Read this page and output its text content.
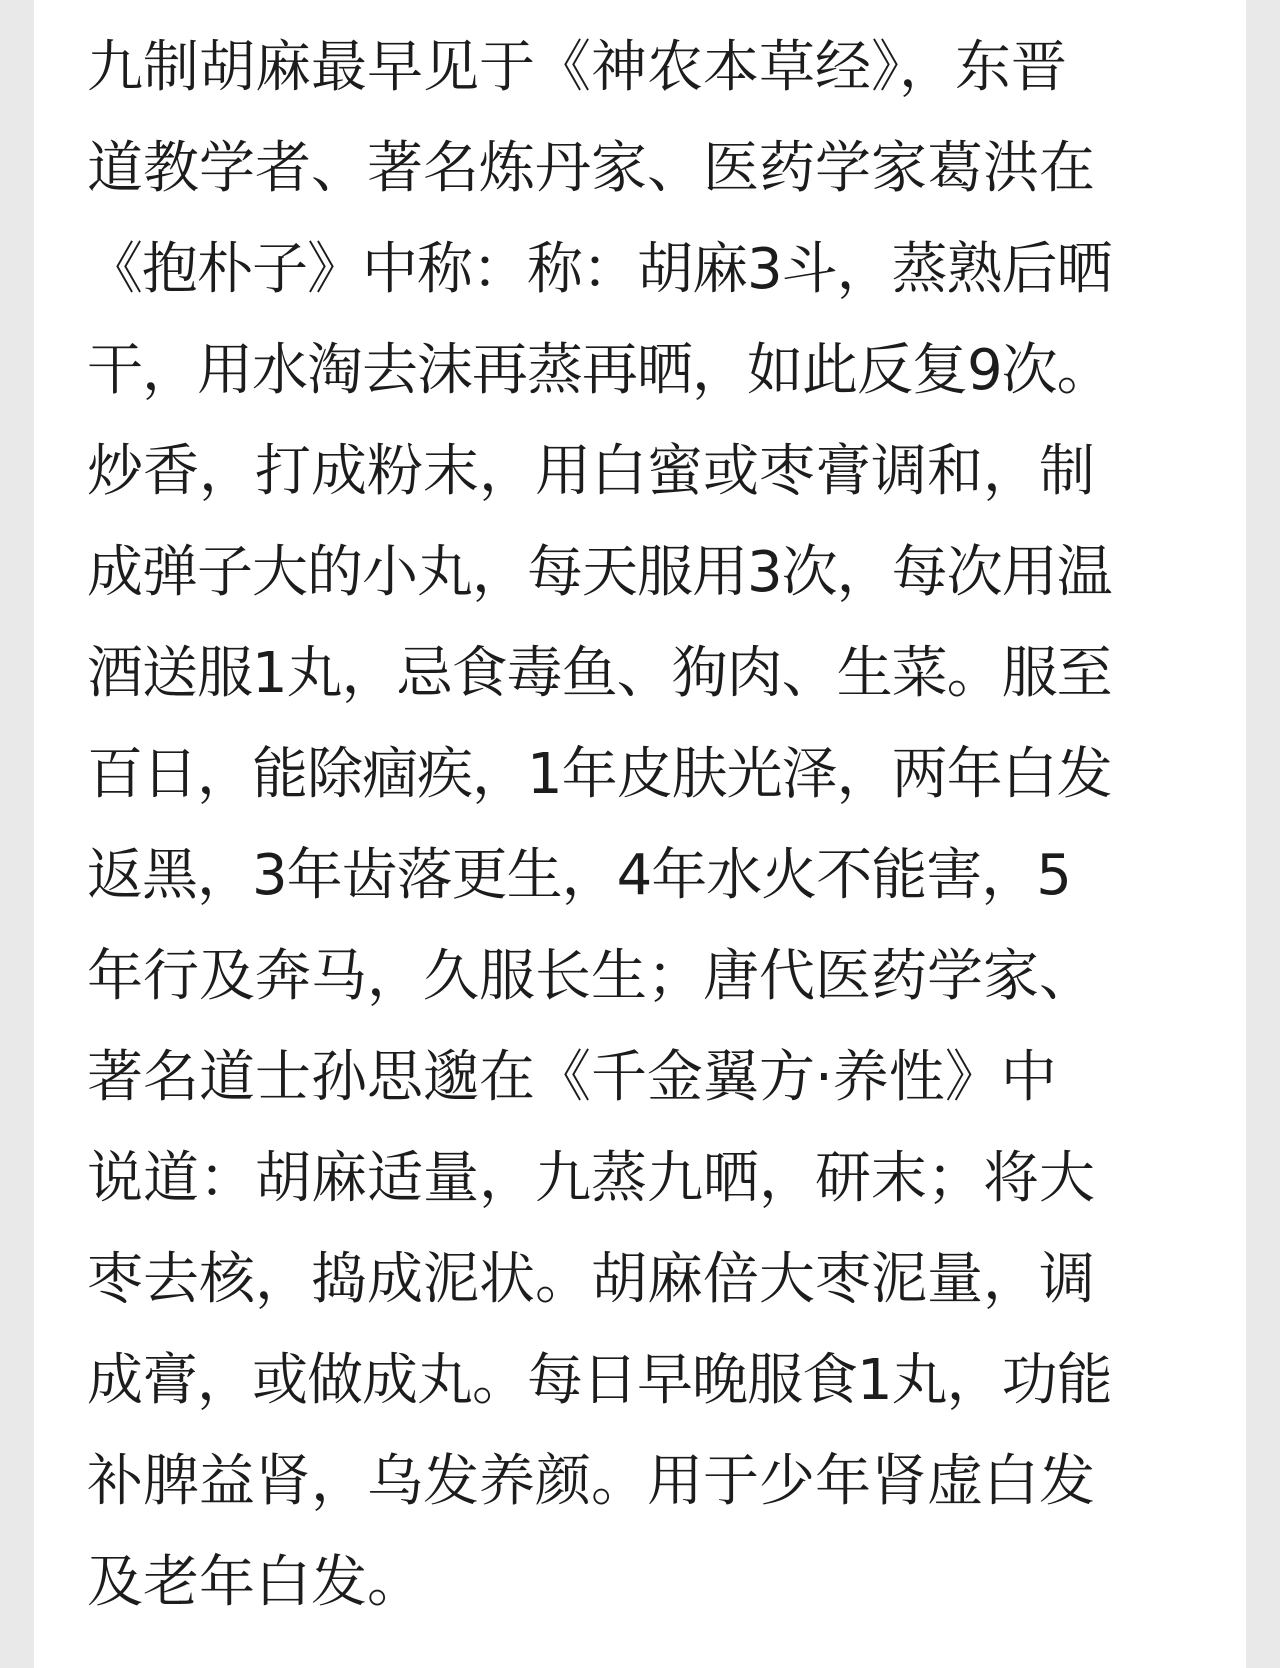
九制胡麻最早见于《神农本草经》，东晋
道教学者、著名炼丹家、医药学家葛洪在
《抱朴子》中称：称：胡麻3斗，蒸熟后晒
干，用水淘去沫再蒸再晒，如此反复9次。
炒香，打成粉末，用白蜜或枣膏调和，制
成弹子大的小丸，每天服用3次，每次用温
酒送服1丸，忌食毒鱼、狗肉、生菜。服至
百日，能除痼疾，1年皮肤光泽，两年白发
返黑，3年齿落更生，4年水火不能害，5
年行及奔马，久服长生；唐代医药学家、
著名道士孙思邈在《千金翼方·养性》中
说道：胡麻适量，九蒸九晒，研末；将大
枣去核，捣成泥状。胡麻倍大枣泥量，调
成膏，或做成丸。每日早晚服食1丸，功能
补脾益肾，乌发养颜。用于少年肾虚白发
及老年白发。
